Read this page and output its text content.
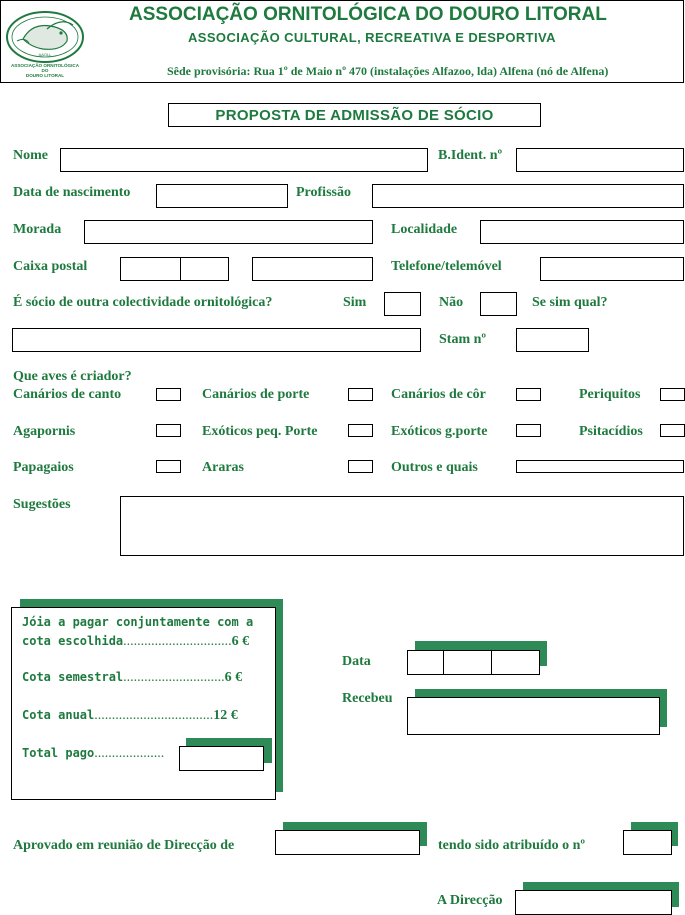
AAOLL
ASSOCIAÇÃO ORNITOLÓGICA
DO
DOURO LITORAL
ASSOCIAÇÃO ORNITOLÓGICA DO DOURO LITORAL
ASSOCIAÇÃO CULTURAL, RECREATIVA E DESPORTIVA
Sêde provisória: Rua 1º de Maio nº 470 (instalações Alfazoo, lda) Alfena (nó de Alfena)
PROPOSTA DE ADMISSÃO DE SÓCIO
Nome	B.Ident. nº
Data de nascimento	Profissão
Morada	Localidade
Caixa postal	Telefone/telemóvel
É sócio de outra colectividade ornitológica?	Sim	Não	Se sim qual?
Stam nº
Que aves é criador?
Canários de canto	Canários de porte	Canários de côr	Periquitos
Agapornis	Exóticos peq. Porte	Exóticos g.porte	Psitacídios
Papagaios	Araras	Outros e quais
Sugestões
Jóia a pagar conjuntamente com a
cota escolhida...............................6 €
Cota semestral.............................6 €
Cota anual..................................12 €
Total pago....................
Data
Recebeu
Aprovado em reunião de Direcção de	tendo sido atribuído o nº
A Direcção
